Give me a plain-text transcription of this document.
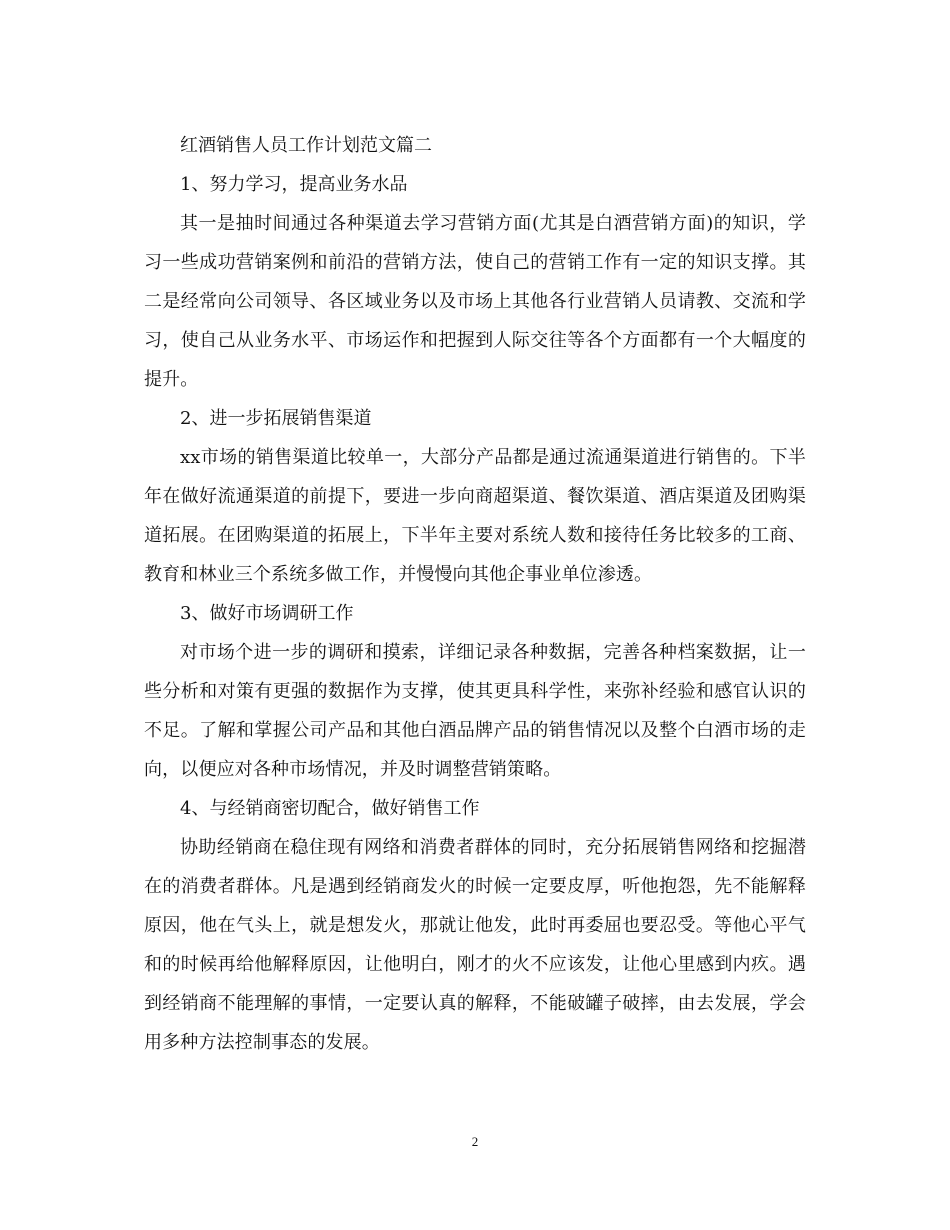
红酒销售人员工作计划范文篇二

1、努力学习，提高业务水品

其一是抽时间通过各种渠道去学习营销方面(尤其是白酒营销方面)的知识，学习一些成功营销案例和前沿的营销方法，使自己的营销工作有一定的知识支撑。其二是经常向公司领导、各区域业务以及市场上其他各行业营销人员请教、交流和学习，使自己从业务水平、市场运作和把握到人际交往等各个方面都有一个大幅度的提升。

2、进一步拓展销售渠道

xx市场的销售渠道比较单一，大部分产品都是通过流通渠道进行销售的。下半年在做好流通渠道的前提下，要进一步向商超渠道、餐饮渠道、酒店渠道及团购渠道拓展。在团购渠道的拓展上，下半年主要对系统人数和接待任务比较多的工商、教育和林业三个系统多做工作，并慢慢向其他企事业单位渗透。

3、做好市场调研工作

对市场个进一步的调研和摸索，详细记录各种数据，完善各种档案数据，让一些分析和对策有更强的数据作为支撑，使其更具科学性，来弥补经验和感官认识的不足。了解和掌握公司产品和其他白酒品牌产品的销售情况以及整个白酒市场的走向，以便应对各种市场情况，并及时调整营销策略。

4、与经销商密切配合，做好销售工作

协助经销商在稳住现有网络和消费者群体的同时，充分拓展销售网络和挖掘潜在的消费者群体。凡是遇到经销商发火的时候一定要皮厚，听他抱怨，先不能解释原因，他在气头上，就是想发火，那就让他发，此时再委屈也要忍受。等他心平气和的时候再给他解释原因，让他明白，刚才的火不应该发，让他心里感到内疚。遇到经销商不能理解的事情，一定要认真的解释，不能破罐子破摔，由去发展，学会用多种方法控制事态的发展。

2
